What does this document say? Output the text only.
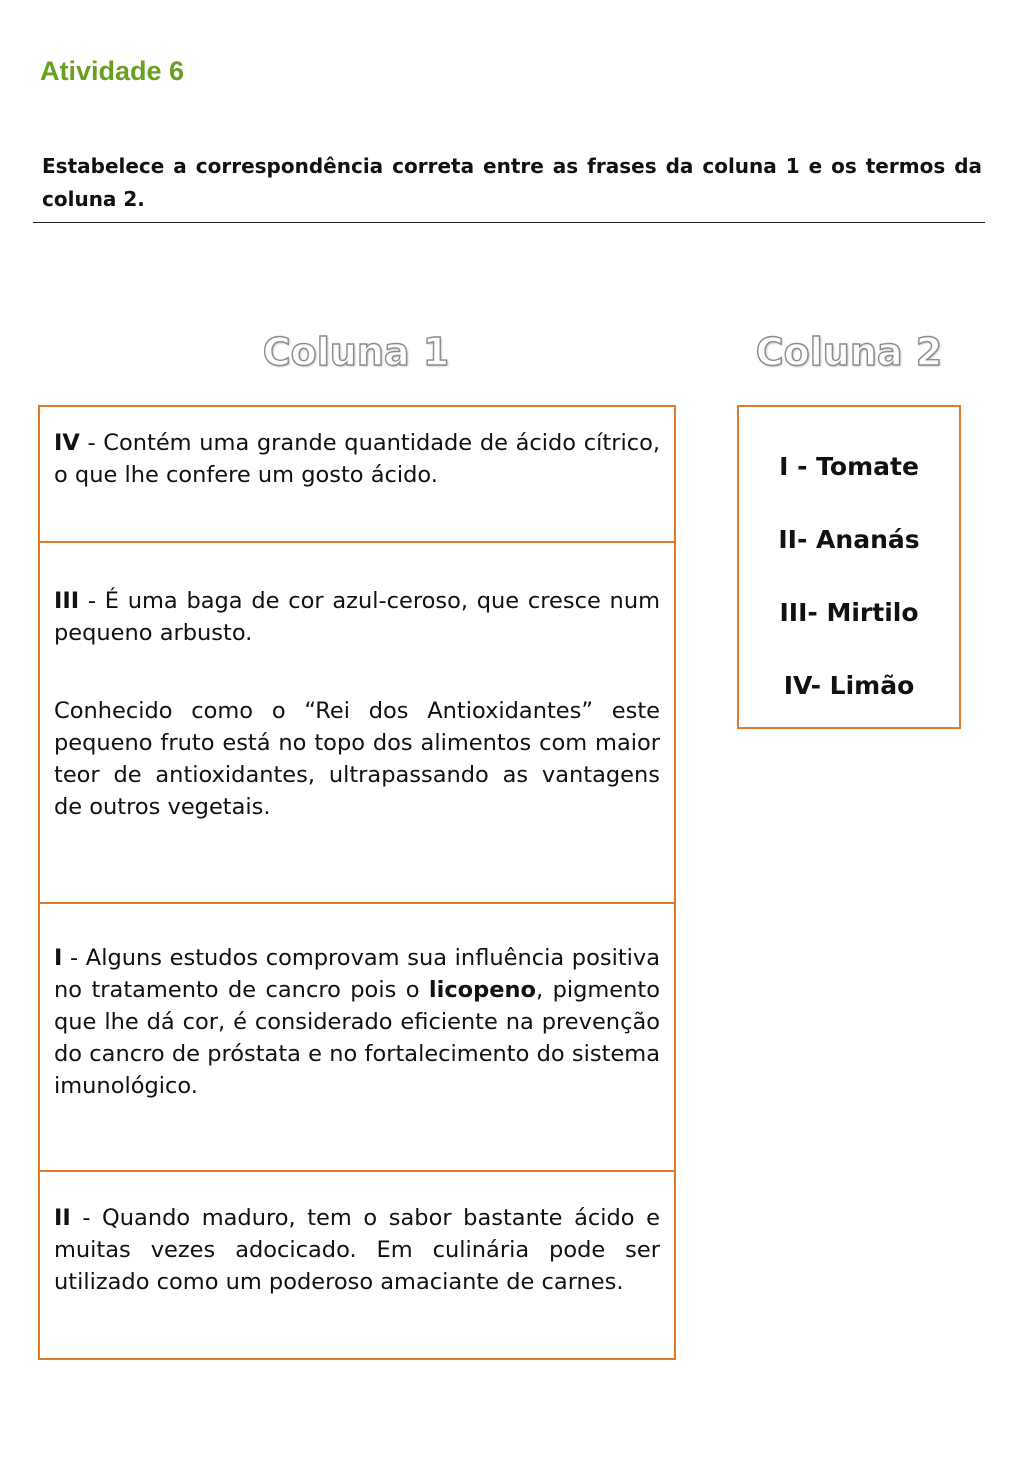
Atividade 6

Estabelece a correspondência correta entre as frases da coluna 1 e os termos da coluna 2.

Coluna 1	Coluna 2

IV - Contém uma grande quantidade de ácido cítrico, o que lhe confere um gosto ácido.

III - É uma baga de cor azul-ceroso, que cresce num pequeno arbusto.

Conhecido como o “Rei dos Antioxidantes” este pequeno fruto está no topo dos alimentos com maior teor de antioxidantes, ultrapassando as vantagens de outros vegetais.

I - Alguns estudos comprovam sua influência positiva no tratamento de cancro pois o licopeno, pigmento que lhe dá cor, é considerado eficiente na prevenção do cancro de próstata e no fortalecimento do sistema imunológico.

II - Quando maduro, tem o sabor bastante ácido e muitas vezes adocicado. Em culinária pode ser utilizado como um poderoso amaciante de carnes.

I - Tomate
II- Ananás
III- Mirtilo
IV- Limão
